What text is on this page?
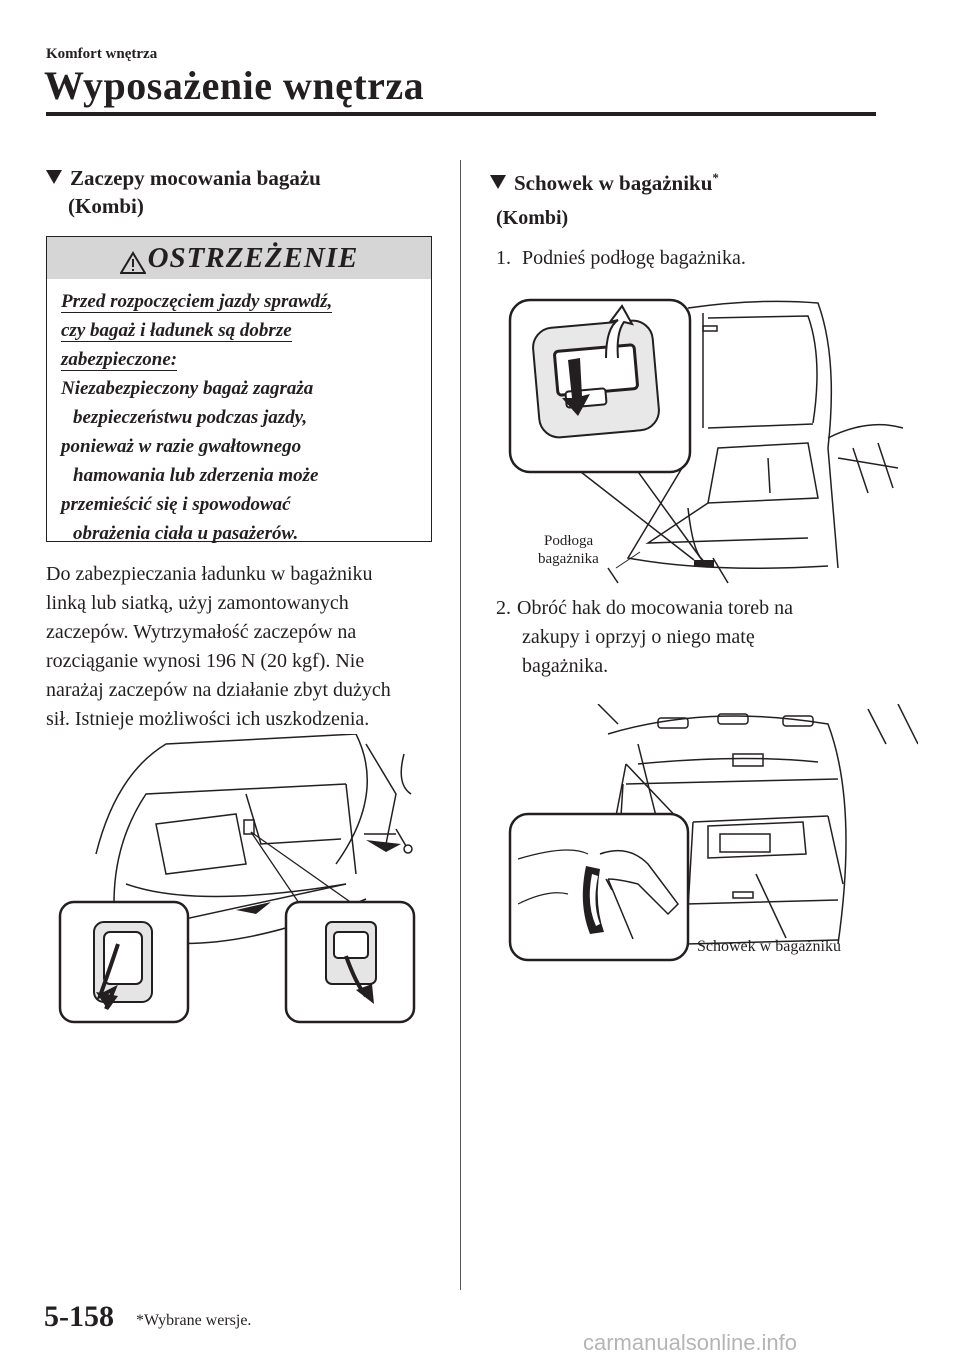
Komfort wnętrza
Wyposażenie wnętrza
Zaczepy mocowania bagażu
(Kombi)
OSTRZEŻENIE
Przed rozpoczęciem jazdy sprawdź,
czy bagaż i ładunek są dobrze
zabezpieczone:
Niezabezpieczony bagaż zagraża
bezpieczeństwu podczas jazdy,
ponieważ w razie gwałtownego
hamowania lub zderzenia może
przemieścić się i spowodować
obrażenia ciała u pasażerów.
Do zabezpieczania ładunku w bagażniku
linką lub siatką, użyj zamontowanych
zaczepów. Wytrzymałość zaczepów na
rozciąganie wynosi 196 N (20 kgf). Nie
narażaj zaczepów na działanie zbyt dużych
sił. Istnieje możliwości ich uszkodzenia.
Schowek w bagażniku*
(Kombi)
1. Podnieś podłogę bagażnika.
Podłoga
bagażnika
2. Obróć hak do mocowania toreb na
zakupy i oprzyj o niego matę
bagażnika.
Schowek w bagażniku
5-158 *Wybrane wersje.
carmanualsonline.info
